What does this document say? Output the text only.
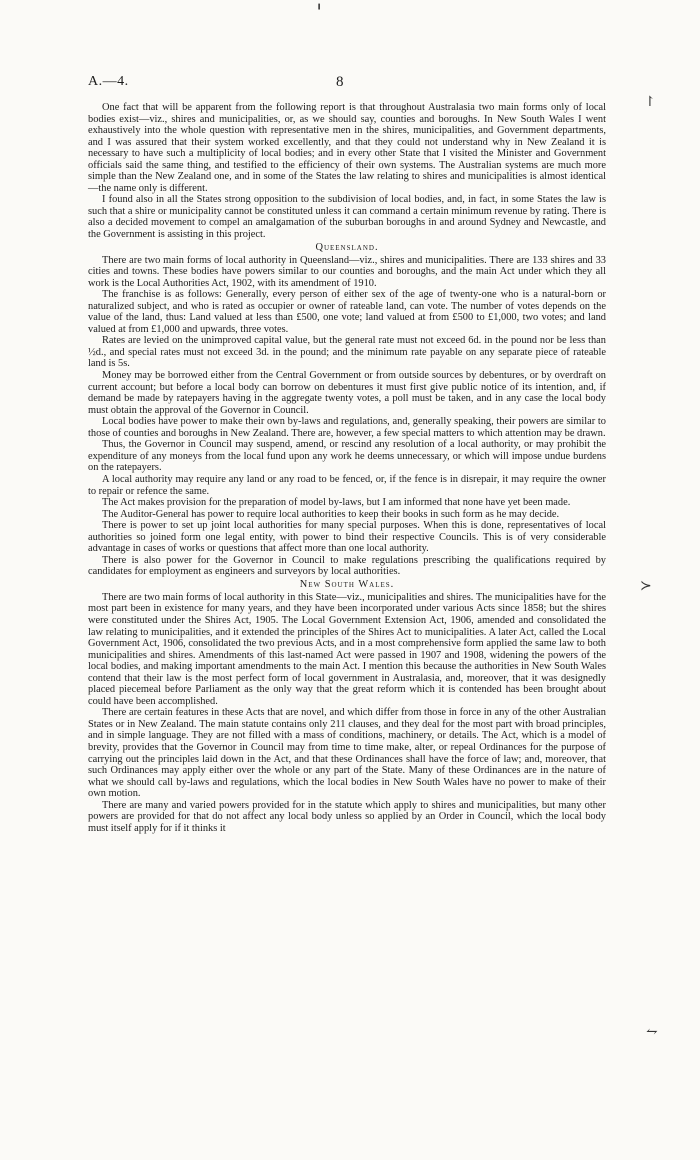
╹
↾
≻
⥊
A.—4.	8

One fact that will be apparent from the following report is that throughout Australasia two main forms only of local bodies exist—viz., shires and municipalities, or, as we should say, counties and boroughs. In New South Wales I went exhaustively into the whole question with representative men in the shires, municipalities, and Government departments, and I was assured that their system worked excellently, and that they could not understand why in New Zealand it is necessary to have such a multiplicity of local bodies; and in every other State that I visited the Minister and Government officials said the same thing, and testified to the efficiency of their own systems. The Australian systems are much more simple than the New Zealand one, and in some of the States the law relating to shires and municipalities is almost identical—the name only is different.

I found also in all the States strong opposition to the subdivision of local bodies, and, in fact, in some States the law is such that a shire or municipality cannot be constituted unless it can command a certain minimum revenue by rating. There is also a decided movement to compel an amalgamation of the suburban boroughs in and around Sydney and Newcastle, and the Government is assisting in this project.

Queensland.

There are two main forms of local authority in Queensland—viz., shires and municipalities. There are 133 shires and 33 cities and towns. These bodies have powers similar to our counties and boroughs, and the main Act under which they all work is the Local Authorities Act, 1902, with its amendment of 1910.

The franchise is as follows: Generally, every person of either sex of the age of twenty-one who is a natural-born or naturalized subject, and who is rated as occupier or owner of rateable land, can vote. The number of votes depends on the value of the land, thus: Land valued at less than £500, one vote; land valued at from £500 to £1,000, two votes; and land valued at from £1,000 and upwards, three votes.

Rates are levied on the unimproved capital value, but the general rate must not exceed 6d. in the pound nor be less than ½d., and special rates must not exceed 3d. in the pound; and the minimum rate payable on any separate piece of rateable land is 5s.

Money may be borrowed either from the Central Government or from outside sources by debentures, or by overdraft on current account; but before a local body can borrow on debentures it must first give public notice of its intention, and, if demand be made by ratepayers having in the aggregate twenty votes, a poll must be taken, and in any case the local body must obtain the approval of the Governor in Council.

Local bodies have power to make their own by-laws and regulations, and, generally speaking, their powers are similar to those of counties and boroughs in New Zealand. There are, however, a few special matters to which attention may be drawn.

Thus, the Governor in Council may suspend, amend, or rescind any resolution of a local authority, or may prohibit the expenditure of any moneys from the local fund upon any work he deems unnecessary, or which will impose undue burdens on the ratepayers.

A local authority may require any land or any road to be fenced, or, if the fence is in disrepair, it may require the owner to repair or refence the same.

The Act makes provision for the preparation of model by-laws, but I am informed that none have yet been made.

The Auditor-General has power to require local authorities to keep their books in such form as he may decide.

There is power to set up joint local authorities for many special purposes. When this is done, representatives of local authorities so joined form one legal entity, with power to bind their respective Councils. This is of very considerable advantage in cases of works or questions that affect more than one local authority.

There is also power for the Governor in Council to make regulations prescribing the qualifications required by candidates for employment as engineers and surveyors by local authorities.

New South Wales.

There are two main forms of local authority in this State—viz., municipalities and shires. The municipalities have for the most part been in existence for many years, and they have been incorporated under various Acts since 1858; but the shires were constituted under the Shires Act, 1905. The Local Government Extension Act, 1906, amended and consolidated the law relating to municipalities, and it extended the principles of the Shires Act to municipalities. A later Act, called the Local Government Act, 1906, consolidated the two previous Acts, and in a most comprehensive form applied the same law to both municipalities and shires. Amendments of this last-named Act were passed in 1907 and 1908, widening the powers of the local bodies, and making important amendments to the main Act. I mention this because the authorities in New South Wales contend that their law is the most perfect form of local government in Australasia, and, moreover, that it was designedly placed piecemeal before Parliament as the only way that the great reform which it is contended has been brought about could have been accomplished.

There are certain features in these Acts that are novel, and which differ from those in force in any of the other Australian States or in New Zealand. The main statute contains only 211 clauses, and they deal for the most part with broad principles, and in simple language. They are not filled with a mass of conditions, machinery, or details. The Act, which is a model of brevity, provides that the Governor in Council may from time to time make, alter, or repeal Ordinances for the purpose of carrying out the principles laid down in the Act, and that these Ordinances shall have the force of law; and, moreover, that such Ordinances may apply either over the whole or any part of the State. Many of these Ordinances are in the nature of what we should call by-laws and regulations, which the local bodies in New South Wales have no power to make of their own motion.

There are many and varied powers provided for in the statute which apply to shires and municipalities, but many other powers are provided for that do not affect any local body unless so applied by an Order in Council, which the local body must itself apply for if it thinks it
